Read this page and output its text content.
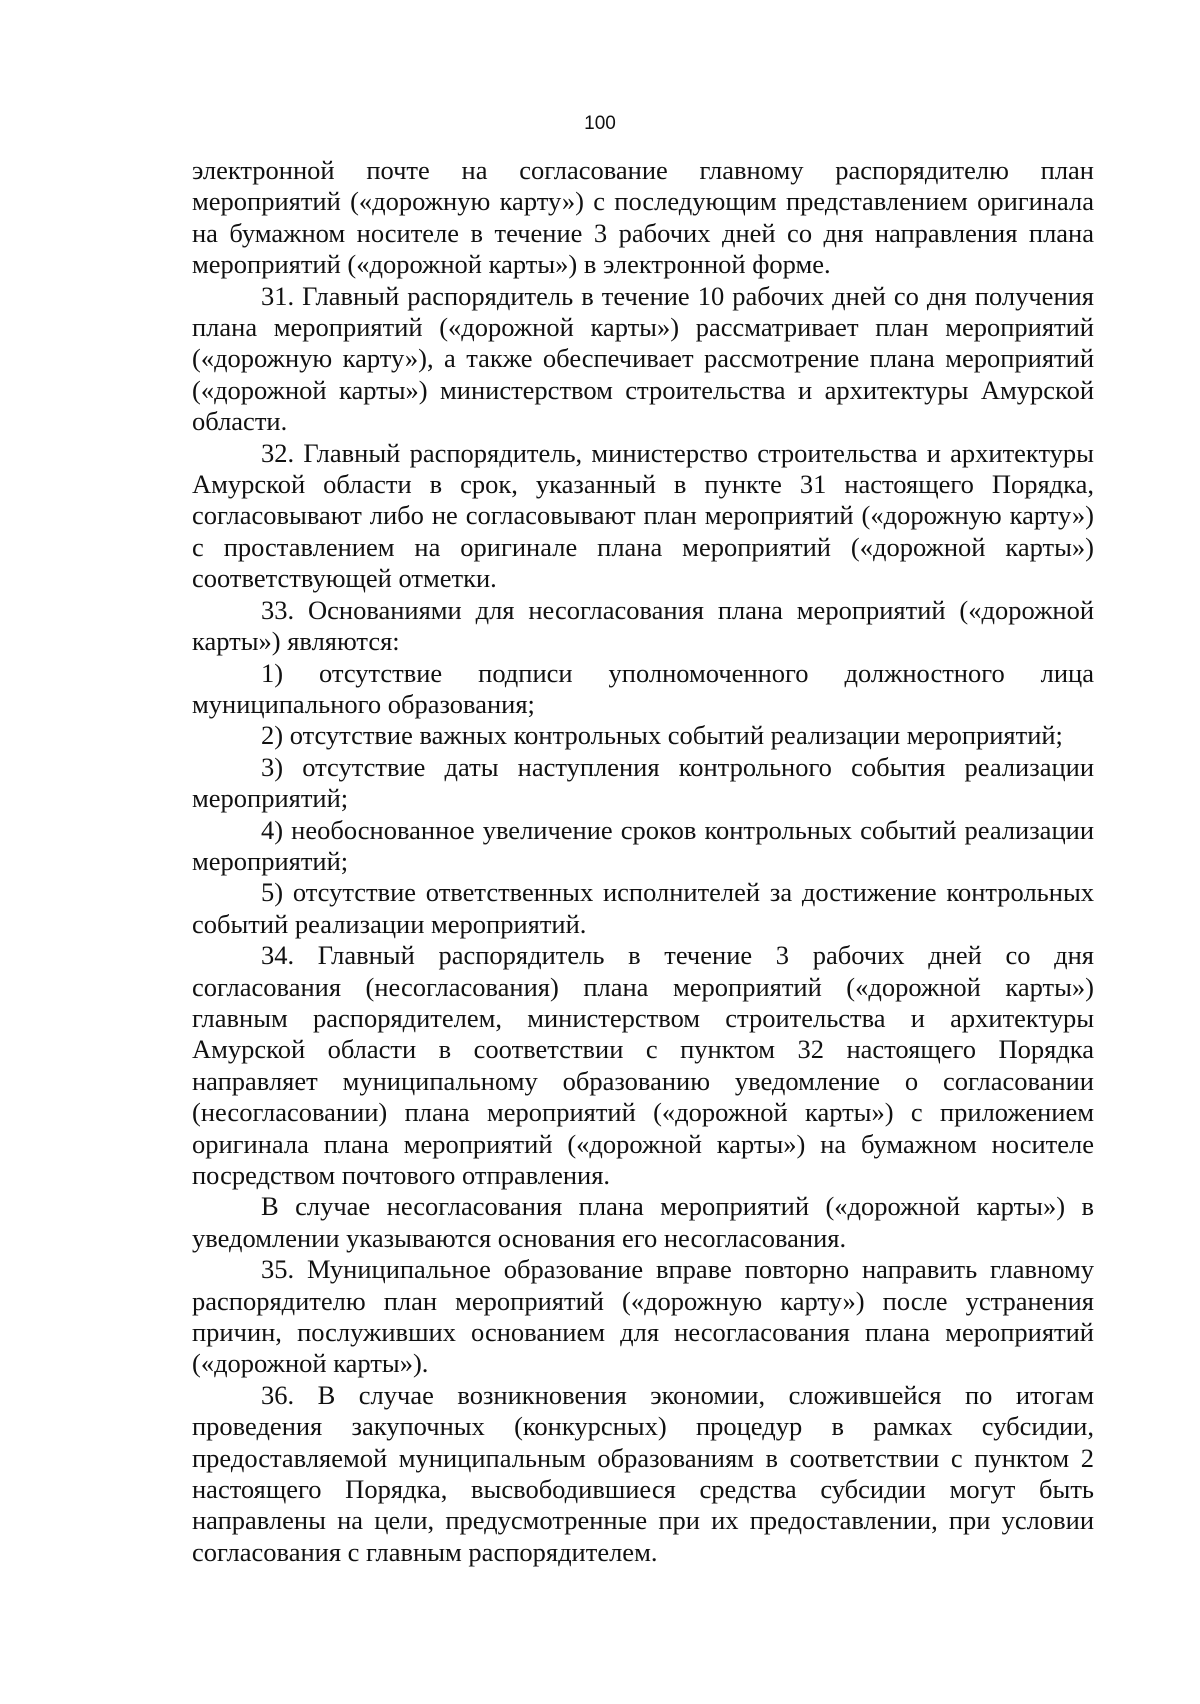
100

электронной почте на согласование главному распорядителю план мероприятий («дорожную карту») с последующим представлением оригинала на бумажном носителе в течение 3 рабочих дней со дня направления плана мероприятий («дорожной карты») в электронной форме.

31. Главный распорядитель в течение 10 рабочих дней со дня получения плана мероприятий («дорожной карты») рассматривает план мероприятий («дорожную карту»), а также обеспечивает рассмотрение плана мероприятий («дорожной карты») министерством строительства и архитектуры Амурской области.

32. Главный распорядитель, министерство строительства и архитектуры Амурской области в срок, указанный в пункте 31 настоящего Порядка, согласовывают либо не согласовывают план мероприятий («дорожную карту») с проставлением на оригинале плана мероприятий («дорожной карты») соответствующей отметки.

33. Основаниями для несогласования плана мероприятий («дорожной карты») являются:

1) отсутствие подписи уполномоченного должностного лица муниципального образования;

2) отсутствие важных контрольных событий реализации мероприятий;

3) отсутствие даты наступления контрольного события реализации мероприятий;

4) необоснованное увеличение сроков контрольных событий реализации мероприятий;

5) отсутствие ответственных исполнителей за достижение контрольных событий реализации мероприятий.

34. Главный распорядитель в течение 3 рабочих дней со дня согласования (несогласования) плана мероприятий («дорожной карты») главным распорядителем, министерством строительства и архитектуры Амурской области в соответствии с пунктом 32 настоящего Порядка направляет муниципальному образованию уведомление о согласовании (несогласовании) плана мероприятий («дорожной карты») с приложением оригинала плана мероприятий («дорожной карты») на бумажном носителе посредством почтового отправления.

В случае несогласования плана мероприятий («дорожной карты») в уведомлении указываются основания его несогласования.

35. Муниципальное образование вправе повторно направить главному распорядителю план мероприятий («дорожную карту») после устранения причин, послуживших основанием для несогласования плана мероприятий («дорожной карты»).

36. В случае возникновения экономии, сложившейся по итогам проведения закупочных (конкурсных) процедур в рамках субсидии, предоставляемой муниципальным образованиям в соответствии с пунктом 2 настоящего Порядка, высвободившиеся средства субсидии могут быть направлены на цели, предусмотренные при их предоставлении, при условии согласования с главным распорядителем.
